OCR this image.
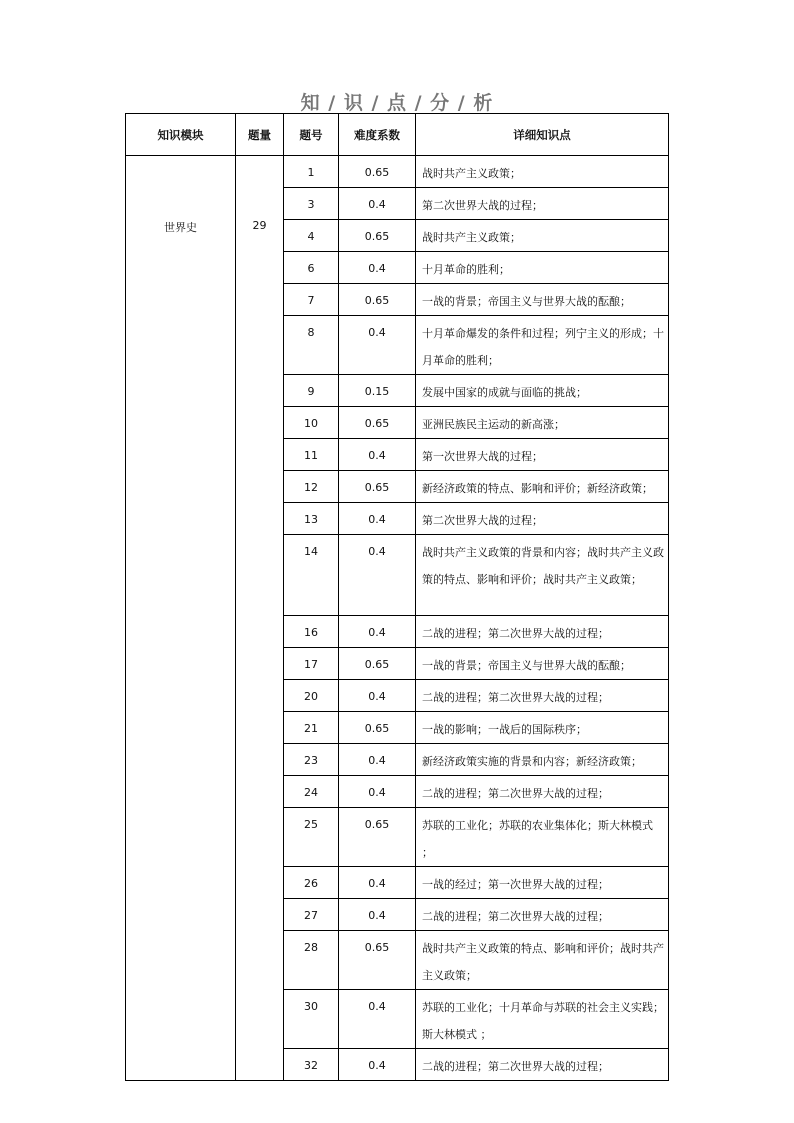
知 / 识 / 点 / 分 / 析
知识模块	题量	题号	难度系数	详细知识点
世界史	29	1	0.65	战时共产主义政策；

		3	0.4	第二次世界大战的过程；

		4	0.65	战时共产主义政策；

		6	0.4	十月革命的胜利；

		7	0.65	一战的背景；帝国主义与世界大战的酝酿；

		8	0.4	十月革命爆发的条件和过程；列宁主义的形成；十月革命的胜利；

		9	0.15	发展中国家的成就与面临的挑战；

		10	0.65	亚洲民族民主运动的新高涨；

		11	0.4	第一次世界大战的过程；

		12	0.65	新经济政策的特点、影响和评价；新经济政策；

		13	0.4	第二次世界大战的过程；

		14	0.4	战时共产主义政策的背景和内容；战时共产主义政策的特点、影响和评价；战时共产主义政策；

		16	0.4	二战的进程；第二次世界大战的过程；

		17	0.65	一战的背景；帝国主义与世界大战的酝酿；

		20	0.4	二战的进程；第二次世界大战的过程；

		21	0.65	一战的影响；一战后的国际秩序；

		23	0.4	新经济政策实施的背景和内容；新经济政策；

		24	0.4	二战的进程；第二次世界大战的过程；

		25	0.65	苏联的工业化；苏联的农业集体化；斯大林模式 ；

		26	0.4	一战的经过；第一次世界大战的过程；

		27	0.4	二战的进程；第二次世界大战的过程；

		28	0.65	战时共产主义政策的特点、影响和评价；战时共产主义政策；

		30	0.4	苏联的工业化；十月革命与苏联的社会主义实践；斯大林模式 ；

		32	0.4	二战的进程；第二次世界大战的过程；
